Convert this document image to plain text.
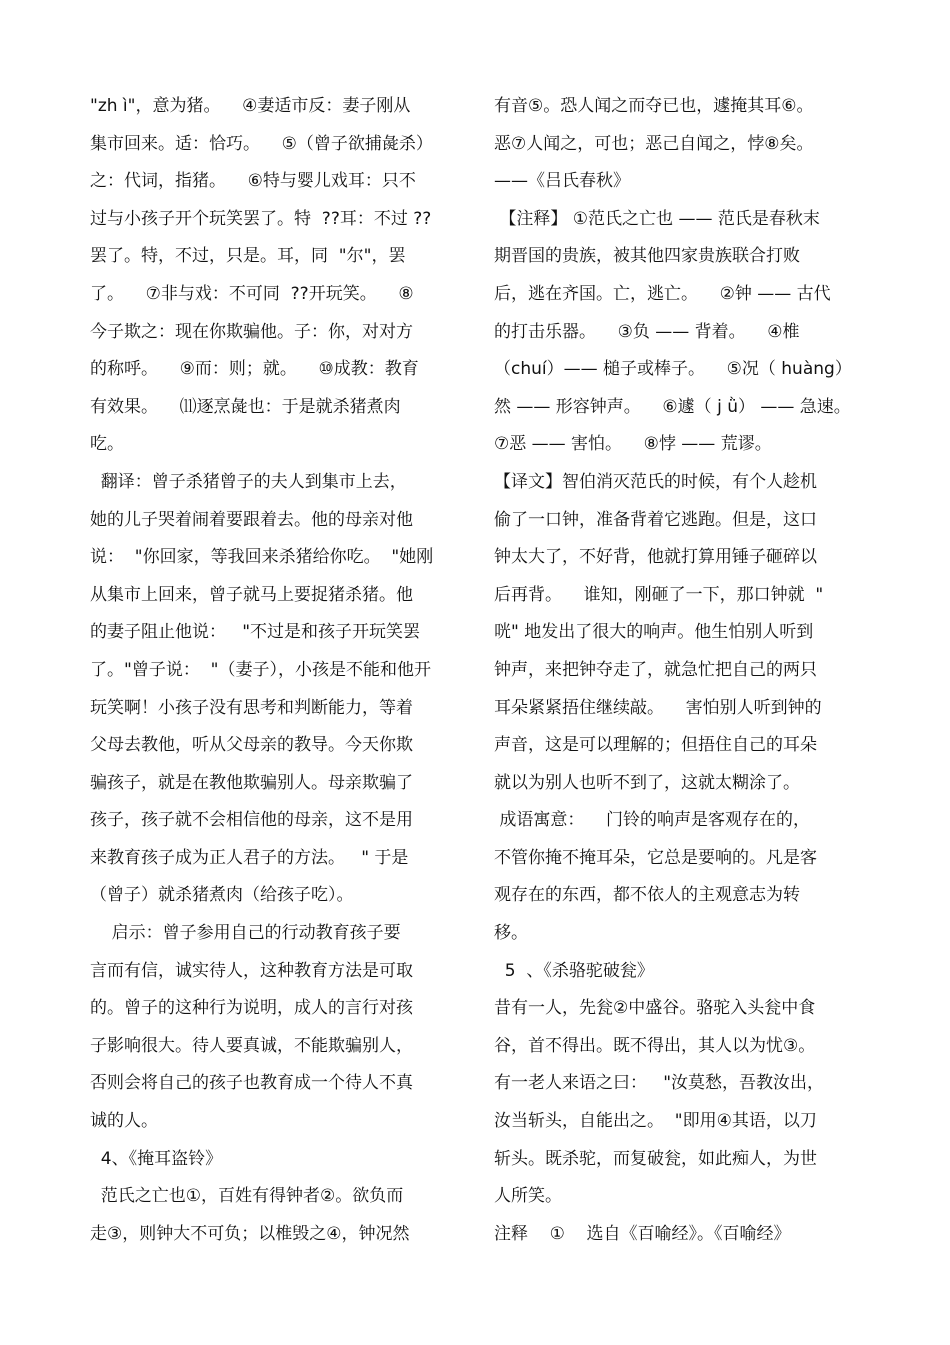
"zh ì"，意为猪。    ④妻适市反：妻子刚从
集市回来。适：恰巧。    ⑤（曾子欲捕彘杀）
之：代词，指猪。    ⑥特与婴儿戏耳：只不
过与小孩子开个玩笑罢了。特  ??耳：不过 ??
罢了。特，不过，只是。耳，同  "尔"，罢
了。    ⑦非与戏：不可同  ??开玩笑。    ⑧
今子欺之：现在你欺骗他。子：你，对对方
的称呼。    ⑨而：则；就。    ⑩成教：教育
有效果。    ⑾逐烹彘也：于是就杀猪煮肉
吃。
翻译：曾子杀猪曾子的夫人到集市上去，
她的儿子哭着闹着要跟着去。他的母亲对他
说：  "你回家，等我回来杀猪给你吃。  "她刚
从集市上回来，曾子就马上要捉猪杀猪。他
的妻子阻止他说：   "不过是和孩子开玩笑罢
了。"曾子说：  "（妻子），小孩是不能和他开
玩笑啊！小孩子没有思考和判断能力，等着
父母去教他，听从父母亲的教导。今天你欺
骗孩子，就是在教他欺骗别人。母亲欺骗了
孩子，孩子就不会相信他的母亲，这不是用
来教育孩子成为正人君子的方法。   " 于是
（曾子）就杀猪煮肉（给孩子吃）。
启示：曾子参用自己的行动教育孩子要
言而有信，诚实待人，这种教育方法是可取
的。曾子的这种行为说明，成人的言行对孩
子影响很大。待人要真诚，不能欺骗别人，
否则会将自己的孩子也教育成一个待人不真
诚的人。
4、《掩耳盗铃》
范氏之亡也①，百姓有得钟者②。欲负而
走③，则钟大不可负；以椎毁之④，钟况然
有音⑤。恐人闻之而夺已也，遽掩其耳⑥。
恶⑦人闻之，可也；恶己自闻之，悖⑧矣。
——《吕氏春秋》
【注释】 ①范氏之亡也 —— 范氏是春秋末
期晋国的贵族，被其他四家贵族联合打败
后，逃在齐国。亡，逃亡。    ②钟 —— 古代
的打击乐器。    ③负 —— 背着。    ④椎
（chuí）—— 槌子或棒子。    ⑤况（ huàng）
然 —— 形容钟声。    ⑥遽（ j ǜ） —— 急速。
⑦恶 —— 害怕。    ⑧悖 —— 荒谬。
【译文】智伯消灭范氏的时候，有个人趁机
偷了一口钟，准备背着它逃跑。但是，这口
钟太大了，不好背，他就打算用锤子砸碎以
后再背。    谁知，刚砸了一下，那口钟就  "
咣" 地发出了很大的响声。他生怕别人听到
钟声，来把钟夺走了，就急忙把自己的两只
耳朵紧紧捂住继续敲。    害怕别人听到钟的
声音，这是可以理解的；但捂住自己的耳朵
就以为别人也听不到了，这就太糊涂了。
成语寓意：    门铃的响声是客观存在的，
不管你掩不掩耳朵，它总是要响的。凡是客
观存在的东西，都不依人的主观意志为转
移。
5  、《杀骆驼破瓮》
昔有一人，先瓮②中盛谷。骆驼入头瓮中食
谷，首不得出。既不得出，其人以为忧③。
有一老人来语之曰：   "汝莫愁，吾教汝出，
汝当斩头，自能出之。  "即用④其语，以刀
斩头。既杀驼，而复破瓮，如此痴人，为世
人所笑。
注释    ①    选自《百喻经》。《百喻经》
